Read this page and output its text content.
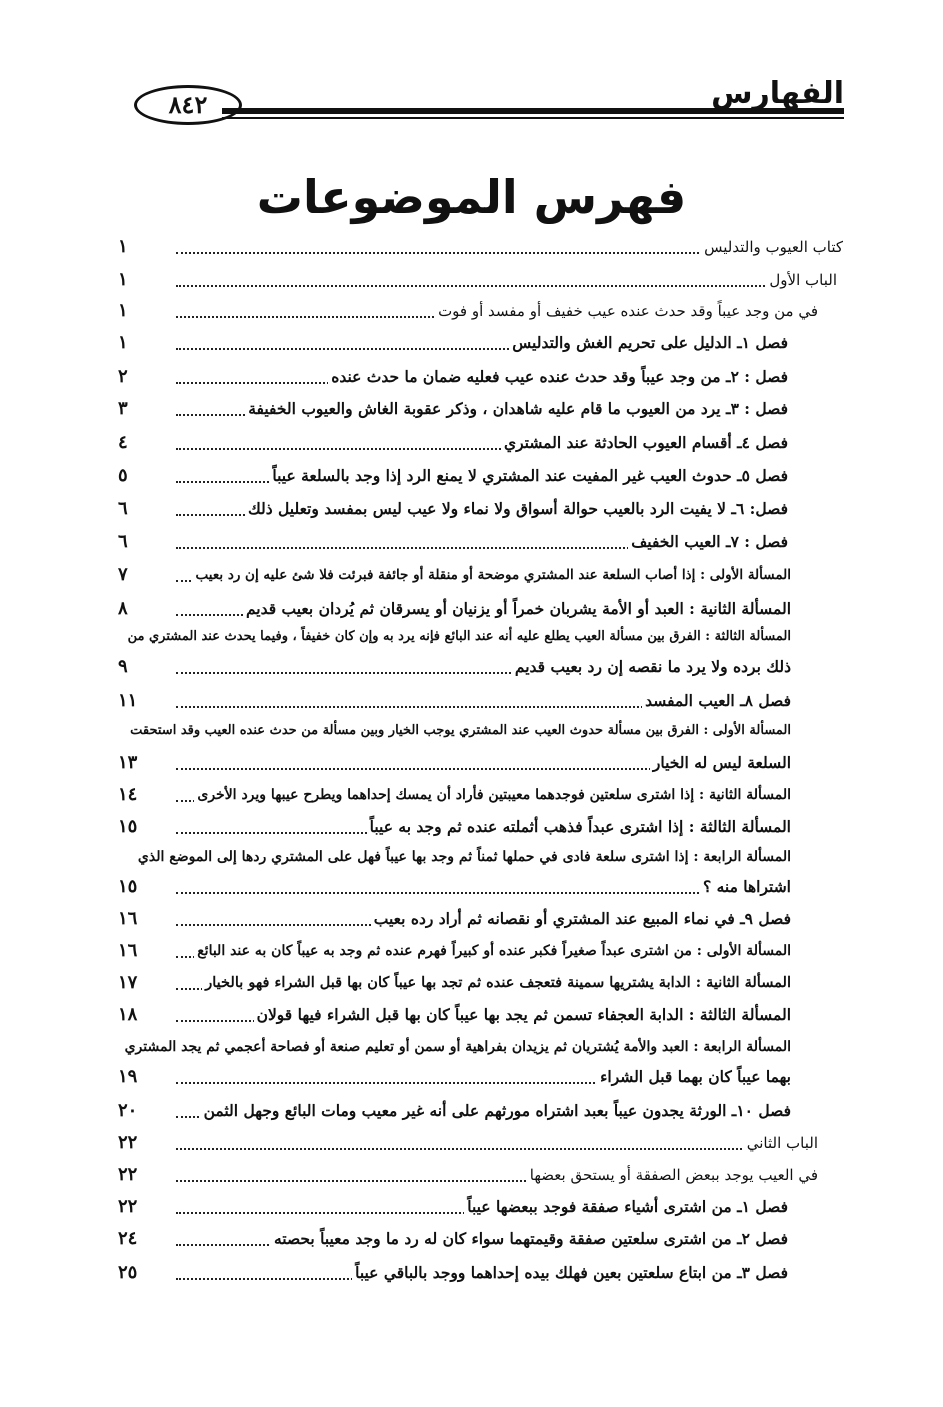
٨٤٢	الفهارس
فهرس الموضوعات
كتاب العيوب والتدليس
١
الباب الأول
١
في من وجد عيباً وقد حدث عنده عيب خفيف أو مفسد أو فوت
١
فصل ١ـ الدليل على تحريم الغش والتدليس
١
فصل : ٢ـ من وجد عيباً وقد حدث عنده عيب فعليه ضمان ما حدث عنده
٢
فصل : ٣ـ يرد من العيوب ما قام عليه شاهدان ، وذكر عقوبة الغاش والعيوب الخفيفة
٣
فصل ٤ـ أقسام العيوب الحادثة عند المشتري
٤
فصل ٥ـ حدوث العيب غير المفيت عند المشتري لا يمنع الرد إذا وجد بالسلعة عيباً
٥
فصل: ٦ـ لا يفيت الرد بالعيب حوالة أسواق ولا نماء ولا عيب ليس بمفسد وتعليل ذلك
٦
فصل : ٧ـ العيب الخفيف
٦
المسألة الأولى : إذا أصاب السلعة عند المشتري موضحة أو منقلة أو جائفة فبرئت فلا شئ عليه إن رد بعيب
٧
المسألة الثانية : العبد أو الأمة يشربان خمراً أو يزنيان أو يسرقان ثم يُردان بعيب قديم
٨
المسألة الثالثة : الفرق بين مسألة العيب يطلع عليه أنه عند البائع فإنه يرد به وإن كان خفيفاً ، وفيما يحدث عند المشتري من
ذلك برده ولا يرد ما نقصه إن رد بعيب قديم
٩
فصل ٨ـ العيب المفسد
١١
المسألة الأولى : الفرق بين مسألة حدوث العيب عند المشتري يوجب الخيار وبين مسألة من حدث عنده العيب وقد استحقت
السلعة ليس له الخيار
١٣
المسألة الثانية : إذا اشترى سلعتين فوجدهما معيبتين فأراد أن يمسك إحداهما ويطرح عيبها ويرد الأخرى
١٤
المسألة الثالثة : إذا اشترى عبداً فذهب أثملته عنده ثم وجد به عيباً
١٥
المسألة الرابعة : إذا اشترى سلعة فادى في حملها ثمناً ثم وجد بها عيباً فهل على المشتري ردها إلى الموضع الذي
اشتراها منه ؟
١٥
فصل ٩ـ في نماء المبيع عند المشتري أو نقصانه ثم أراد رده بعيب
١٦
المسألة الأولى : من اشترى عبداً صغيراً فكبر عنده أو كبيراً فهرم عنده ثم وجد به عيباً كان به عند البائع
١٦
المسألة الثانية : الدابة يشتريها سمينة فتعجف عنده ثم تجد بها عيباً كان بها قبل الشراء فهو بالخيار
١٧
المسألة الثالثة : الدابة العجفاء تسمن ثم يجد بها عيباً كان بها قبل الشراء فيها قولان
١٨
المسألة الرابعة : العبد والأمة يُشتريان ثم يزيدان بفراهية أو سمن أو تعليم صنعة أو فصاحة أعجمي ثم يجد المشتري
بهما عيباً كان بهما قبل الشراء
١٩
فصل ١٠ـ الورثة يجدون عيباً بعبد اشتراه مورثهم على أنه غير معيب ومات البائع وجهل الثمن
٢٠
الباب الثاني
٢٢
في العيب يوجد ببعض الصفقة أو يستحق بعضها
٢٢
فصل ١ـ من اشترى أشياء صفقة فوجد ببعضها عيباً
٢٢
فصل ٢ـ من اشترى سلعتين صفقة وقيمتهما سواء كان له رد ما وجد معيباً بحصته
٢٤
فصل ٣ـ من ابتاع سلعتين بعين فهلك بيده إحداهما ووجد بالباقي عيباً
٢٥
